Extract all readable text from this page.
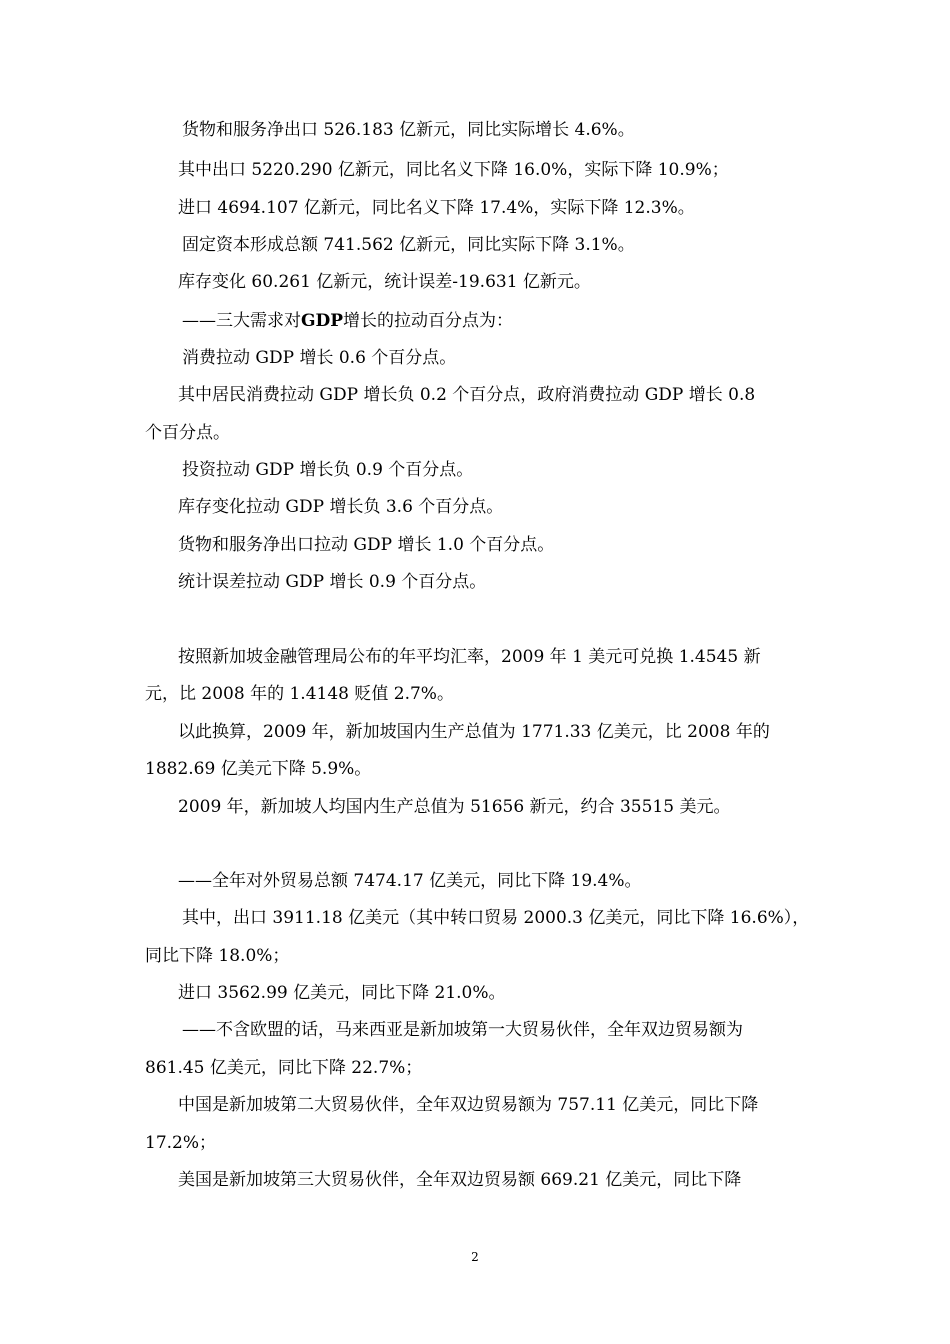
货物和服务净出口 526.183 亿新元，同比实际增长 4.6%。
其中出口 5220.290 亿新元，同比名义下降 16.0%，实际下降 10.9%；
进口 4694.107 亿新元，同比名义下降 17.4%，实际下降 12.3%。
固定资本形成总额 741.562 亿新元，同比实际下降 3.1%。
库存变化 60.261 亿新元，统计误差-19.631 亿新元。
——三大需求对GDP增长的拉动百分点为：
消费拉动 GDP 增长 0.6 个百分点。
其中居民消费拉动 GDP 增长负 0.2 个百分点，政府消费拉动 GDP 增长 0.8
个百分点。
投资拉动 GDP 增长负 0.9 个百分点。
库存变化拉动 GDP 增长负 3.6 个百分点。
货物和服务净出口拉动 GDP 增长 1.0 个百分点。
统计误差拉动 GDP 增长 0.9 个百分点。
按照新加坡金融管理局公布的年平均汇率，2009 年 1 美元可兑换 1.4545 新
元，比 2008 年的 1.4148 贬值 2.7%。
以此换算，2009 年，新加坡国内生产总值为 1771.33 亿美元，比 2008 年的
1882.69 亿美元下降 5.9%。
2009 年，新加坡人均国内生产总值为 51656 新元，约合 35515 美元。
——全年对外贸易总额 7474.17 亿美元，同比下降 19.4%。
其中，出口 3911.18 亿美元（其中转口贸易 2000.3 亿美元，同比下降 16.6%），
同比下降 18.0%；
进口 3562.99 亿美元，同比下降 21.0%。
——不含欧盟的话，马来西亚是新加坡第一大贸易伙伴，全年双边贸易额为
861.45 亿美元，同比下降 22.7%；
中国是新加坡第二大贸易伙伴，全年双边贸易额为 757.11 亿美元，同比下降
17.2%；
美国是新加坡第三大贸易伙伴，全年双边贸易额 669.21 亿美元，同比下降
2
